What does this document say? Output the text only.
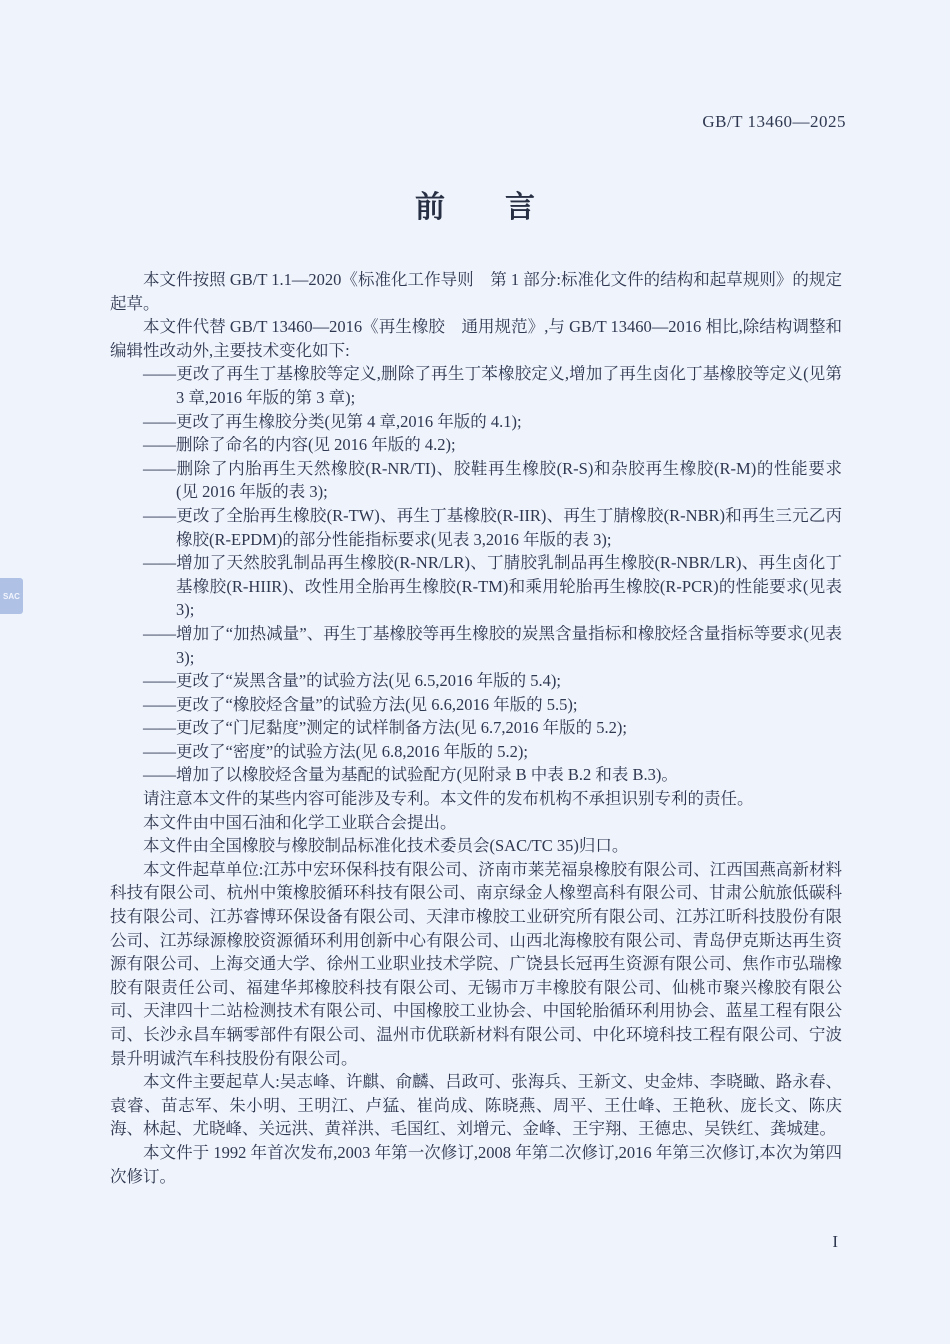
SAC
GB/T 13460—2025
前　　言

本文件按照 GB/T 1.1—2020《标准化工作导则　第 1 部分:标准化文件的结构和起草规则》的规定起草。

本文件代替 GB/T 13460—2016《再生橡胶　通用规范》,与 GB/T 13460—2016 相比,除结构调整和编辑性改动外,主要技术变化如下:

——更改了再生丁基橡胶等定义,删除了再生丁苯橡胶定义,增加了再生卤化丁基橡胶等定义(见第 3 章,2016 年版的第 3 章);

——更改了再生橡胶分类(见第 4 章,2016 年版的 4.1);

——删除了命名的内容(见 2016 年版的 4.2);

——删除了内胎再生天然橡胶(R-NR/TI)、胶鞋再生橡胶(R-S)和杂胶再生橡胶(R-M)的性能要求(见 2016 年版的表 3);

——更改了全胎再生橡胶(R-TW)、再生丁基橡胶(R-IIR)、再生丁腈橡胶(R-NBR)和再生三元乙丙橡胶(R-EPDM)的部分性能指标要求(见表 3,2016 年版的表 3);

——增加了天然胶乳制品再生橡胶(R-NR/LR)、丁腈胶乳制品再生橡胶(R-NBR/LR)、再生卤化丁基橡胶(R-HIIR)、改性用全胎再生橡胶(R-TM)和乘用轮胎再生橡胶(R-PCR)的性能要求(见表 3);

——增加了“加热减量”、再生丁基橡胶等再生橡胶的炭黑含量指标和橡胶烃含量指标等要求(见表 3);

——更改了“炭黑含量”的试验方法(见 6.5,2016 年版的 5.4);

——更改了“橡胶烃含量”的试验方法(见 6.6,2016 年版的 5.5);

——更改了“门尼黏度”测定的试样制备方法(见 6.7,2016 年版的 5.2);

——更改了“密度”的试验方法(见 6.8,2016 年版的 5.2);

——增加了以橡胶烃含量为基配的试验配方(见附录 B 中表 B.2 和表 B.3)。

请注意本文件的某些内容可能涉及专利。本文件的发布机构不承担识别专利的责任。

本文件由中国石油和化学工业联合会提出。

本文件由全国橡胶与橡胶制品标准化技术委员会(SAC/TC 35)归口。

本文件起草单位:江苏中宏环保科技有限公司、济南市莱芜福泉橡胶有限公司、江西国燕高新材料科技有限公司、杭州中策橡胶循环科技有限公司、南京绿金人橡塑高科有限公司、甘肃公航旅低碳科技有限公司、江苏睿博环保设备有限公司、天津市橡胶工业研究所有限公司、江苏江昕科技股份有限公司、江苏绿源橡胶资源循环利用创新中心有限公司、山西北海橡胶有限公司、青岛伊克斯达再生资源有限公司、上海交通大学、徐州工业职业技术学院、广饶县长冠再生资源有限公司、焦作市弘瑞橡胶有限责任公司、福建华邦橡胶科技有限公司、无锡市万丰橡胶有限公司、仙桃市聚兴橡胶有限公司、天津四十二站检测技术有限公司、中国橡胶工业协会、中国轮胎循环利用协会、蓝星工程有限公司、长沙永昌车辆零部件有限公司、温州市优联新材料有限公司、中化环境科技工程有限公司、宁波景升明诚汽车科技股份有限公司。

本文件主要起草人:吴志峰、许麒、俞麟、吕政可、张海兵、王新文、史金炜、李晓瞰、路永春、袁睿、苗志军、朱小明、王明江、卢猛、崔尚成、陈晓燕、周平、王仕峰、王艳秋、庞长文、陈庆海、林起、尤晓峰、关远洪、黄祥洪、毛国红、刘增元、金峰、王宇翔、王德忠、吴铁红、龚城建。

本文件于 1992 年首次发布,2003 年第一次修订,2008 年第二次修订,2016 年第三次修订,本次为第四次修订。

I
